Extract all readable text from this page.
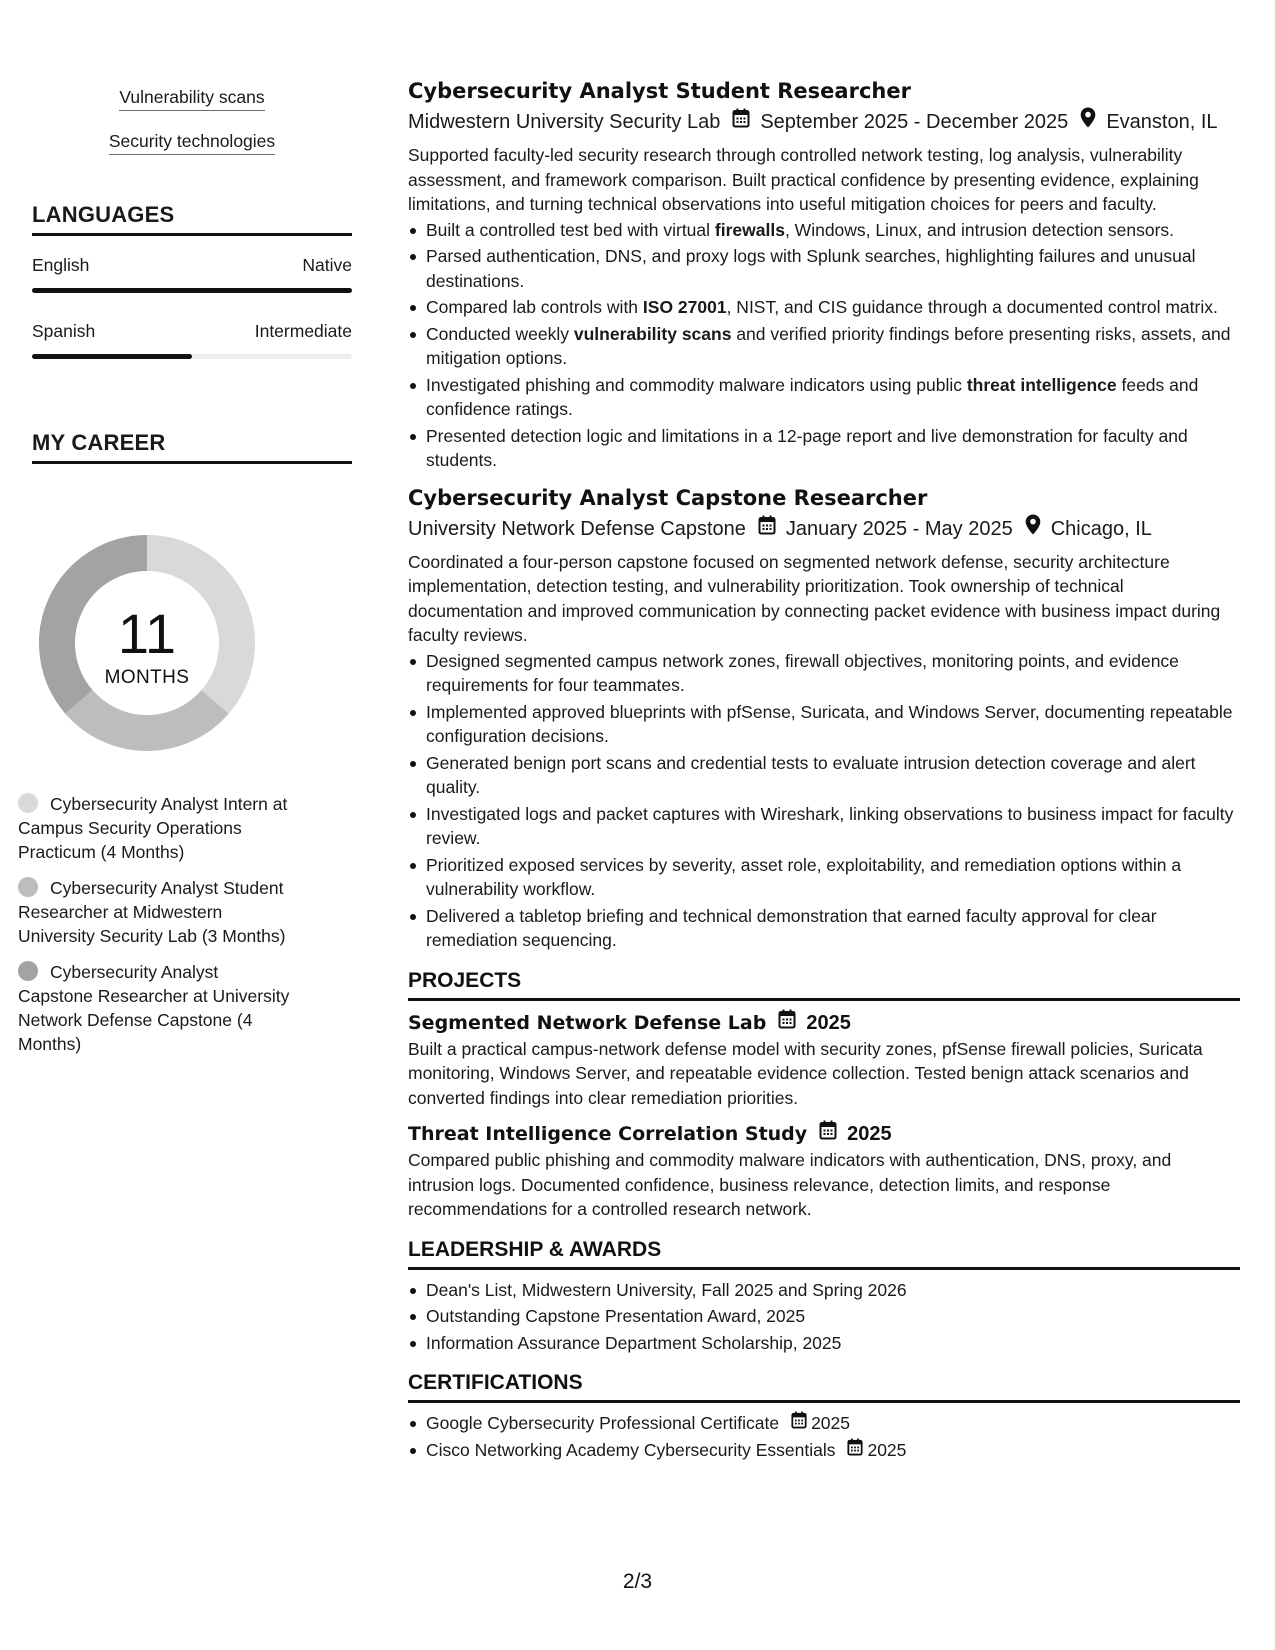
Vulnerability scans
Security technologies
LANGUAGES
English	Native
Spanish	Intermediate
MY CAREER
11
MONTHS
Cybersecurity Analyst Intern at Campus Security Operations Practicum (4 Months)
Cybersecurity Analyst Student Researcher at Midwestern University Security Lab (3 Months)
Cybersecurity Analyst Capstone Researcher at University Network Defense Capstone (4 Months)
Cybersecurity Analyst Student Researcher
Midwestern University Security Lab September 2025 - December 2025 Evanston, IL
Supported faculty-led security research through controlled network testing, log analysis, vulnerability assessment, and framework comparison. Built practical confidence by presenting evidence, explaining limitations, and turning technical observations into useful mitigation choices for peers and faculty.
Built a controlled test bed with virtual firewalls, Windows, Linux, and intrusion detection sensors.
Parsed authentication, DNS, and proxy logs with Splunk searches, highlighting failures and unusual destinations.
Compared lab controls with ISO 27001, NIST, and CIS guidance through a documented control matrix.
Conducted weekly vulnerability scans and verified priority findings before presenting risks, assets, and mitigation options.
Investigated phishing and commodity malware indicators using public threat intelligence feeds and confidence ratings.
Presented detection logic and limitations in a 12-page report and live demonstration for faculty and students.
Cybersecurity Analyst Capstone Researcher
University Network Defense Capstone January 2025 - May 2025 Chicago, IL
Coordinated a four-person capstone focused on segmented network defense, security architecture implementation, detection testing, and vulnerability prioritization. Took ownership of technical documentation and improved communication by connecting packet evidence with business impact during faculty reviews.
Designed segmented campus network zones, firewall objectives, monitoring points, and evidence requirements for four teammates.
Implemented approved blueprints with pfSense, Suricata, and Windows Server, documenting repeatable configuration decisions.
Generated benign port scans and credential tests to evaluate intrusion detection coverage and alert quality.
Investigated logs and packet captures with Wireshark, linking observations to business impact for faculty review.
Prioritized exposed services by severity, asset role, exploitability, and remediation options within a vulnerability workflow.
Delivered a tabletop briefing and technical demonstration that earned faculty approval for clear remediation sequencing.
PROJECTS
Segmented Network Defense Lab 2025
Built a practical campus-network defense model with security zones, pfSense firewall policies, Suricata monitoring, Windows Server, and repeatable evidence collection. Tested benign attack scenarios and converted findings into clear remediation priorities.
Threat Intelligence Correlation Study 2025
Compared public phishing and commodity malware indicators with authentication, DNS, proxy, and intrusion logs. Documented confidence, business relevance, detection limits, and response recommendations for a controlled research network.
LEADERSHIP & AWARDS
Dean's List, Midwestern University, Fall 2025 and Spring 2026
Outstanding Capstone Presentation Award, 2025
Information Assurance Department Scholarship, 2025
CERTIFICATIONS
Google Cybersecurity Professional Certificate 2025
Cisco Networking Academy Cybersecurity Essentials 2025
2/3
